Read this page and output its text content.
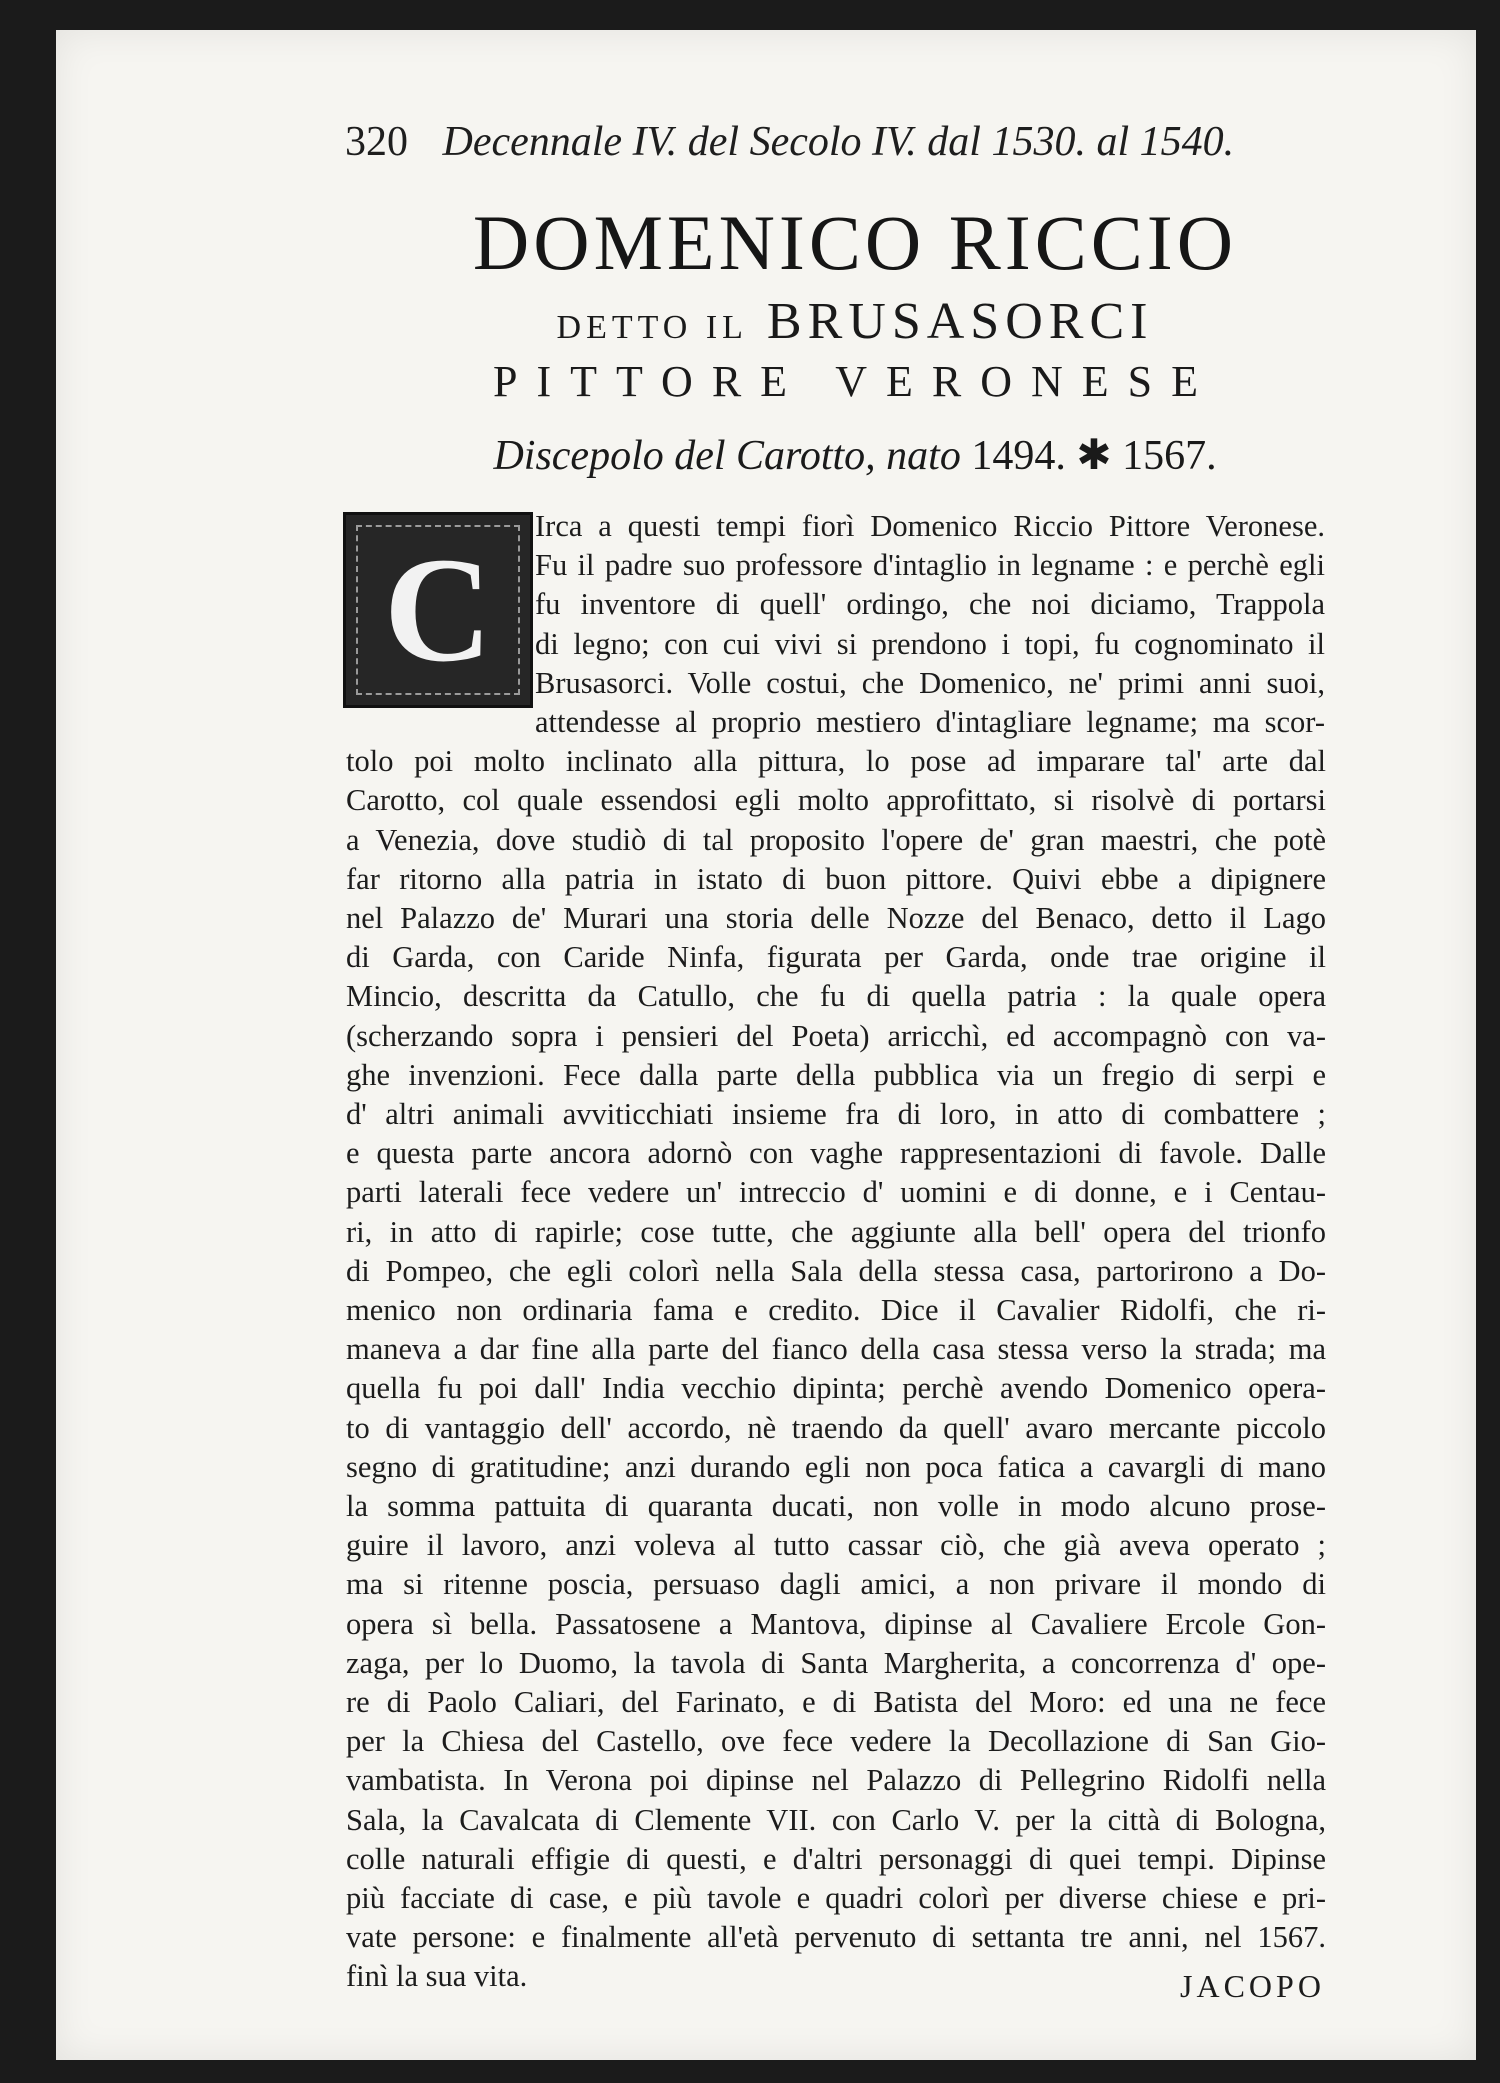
320 Decennale IV. del Secolo IV. dal 1530. al 1540.
DOMENICO RICCIO
DETTO IL BRUSASORCI
PITTORE VERONESE
Discepolo del Carotto, nato 1494. ✱ 1567.
C
Irca a questi tempi fiorì Domenico Riccio Pittore Veronese.
Fu il padre suo professore d'intaglio in legname : e perchè egli
fu inventore di quell' ordingo, che noi diciamo, Trappola
di legno; con cui vivi si prendono i topi, fu cognominato il
Brusasorci. Volle costui, che Domenico, ne' primi anni suoi,
attendesse al proprio mestiero d'intagliare legname; ma scor-
tolo poi molto inclinato alla pittura, lo pose ad imparare tal' arte dal
Carotto, col quale essendosi egli molto approfittato, si risolvè di portarsi
a Venezia, dove studiò di tal proposito l'opere de' gran maestri, che potè
far ritorno alla patria in istato di buon pittore. Quivi ebbe a dipignere
nel Palazzo de' Murari una storia delle Nozze del Benaco, detto il Lago
di Garda, con Caride Ninfa, figurata per Garda, onde trae origine il
Mincio, descritta da Catullo, che fu di quella patria : la quale opera
(scherzando sopra i pensieri del Poeta) arricchì, ed accompagnò con va-
ghe invenzioni. Fece dalla parte della pubblica via un fregio di serpi e
d' altri animali avviticchiati insieme fra di loro, in atto di combattere ;
e questa parte ancora adornò con vaghe rappresentazioni di favole. Dalle
parti laterali fece vedere un' intreccio d' uomini e di donne, e i Centau-
ri, in atto di rapirle; cose tutte, che aggiunte alla bell' opera del trionfo
di Pompeo, che egli colorì nella Sala della stessa casa, partorirono a Do-
menico non ordinaria fama e credito. Dice il Cavalier Ridolfi, che ri-
maneva a dar fine alla parte del fianco della casa stessa verso la strada; ma
quella fu poi dall' India vecchio dipinta; perchè avendo Domenico opera-
to di vantaggio dell' accordo, nè traendo da quell' avaro mercante piccolo
segno di gratitudine; anzi durando egli non poca fatica a cavargli di mano
la somma pattuita di quaranta ducati, non volle in modo alcuno prose-
guire il lavoro, anzi voleva al tutto cassar ciò, che già aveva operato ;
ma si ritenne poscia, persuaso dagli amici, a non privare il mondo di
opera sì bella. Passatosene a Mantova, dipinse al Cavaliere Ercole Gon-
zaga, per lo Duomo, la tavola di Santa Margherita, a concorrenza d' ope-
re di Paolo Caliari, del Farinato, e di Batista del Moro: ed una ne fece
per la Chiesa del Castello, ove fece vedere la Decollazione di San Gio-
vambatista. In Verona poi dipinse nel Palazzo di Pellegrino Ridolfi nella
Sala, la Cavalcata di Clemente VII. con Carlo V. per la città di Bologna,
colle naturali effigie di questi, e d'altri personaggi di quei tempi. Dipinse
più facciate di case, e più tavole e quadri colorì per diverse chiese e pri-
vate persone: e finalmente all'età pervenuto di settanta tre anni, nel 1567.
finì la sua vita.	JACOPO
